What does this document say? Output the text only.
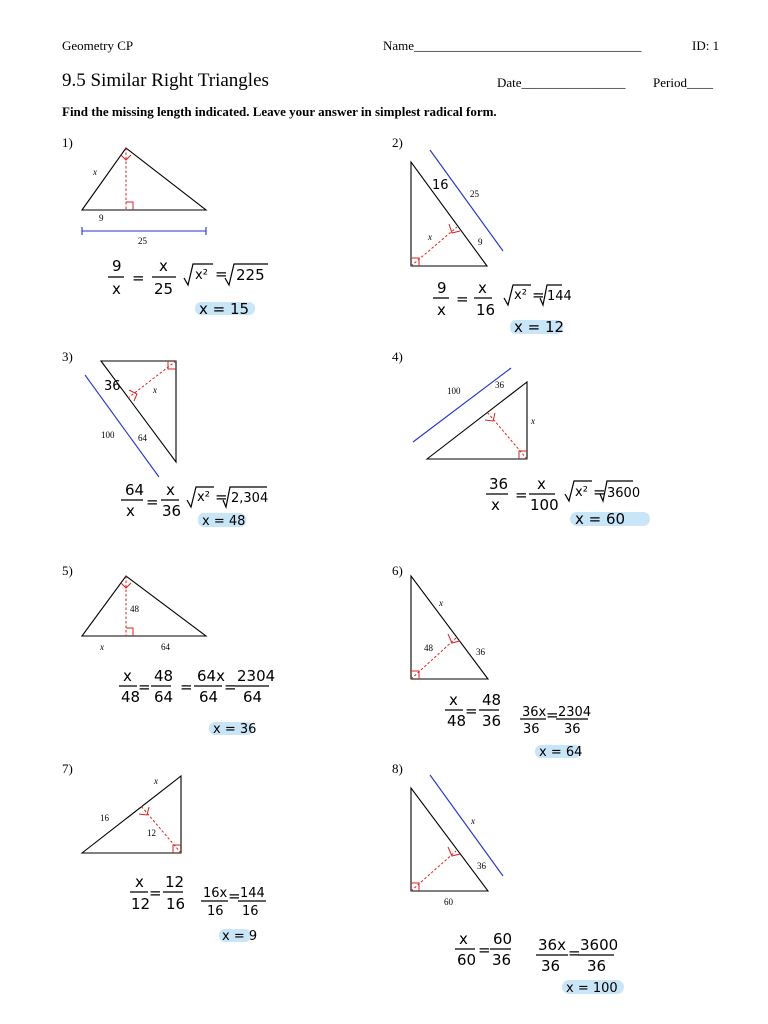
Geometry CP	Name___________________________________	ID: 1
9.5 Similar Right Triangles	Date________________ Period____
Find the missing length indicated. Leave your answer in simplest radical form.
1)	2)
3)	4)
5)	6)
7)	8)
x
9
25
9
x
=
x
25
x² = 225
x = 15
16
25
x	9
9
x
=
x
16
x² = 144
x = 12
36	x
100	64
64
x =
x
36
x² = 2,304
x = 48
100
36
x
36
x
=
x
100
x² = 3600
x = 60
48
x	64
x
48
=
48
64
=
64x
64
=
2304
64
x = 36
x
48	36
x
48
=
48
36 36x
36
= 2304
36
x = 64
x
16
12
x
12
=
12
16
16x
16
= 144
16
x = 9
x
36
60
x
60
=
60
36
36x
36
= 3600
36
x = 100
